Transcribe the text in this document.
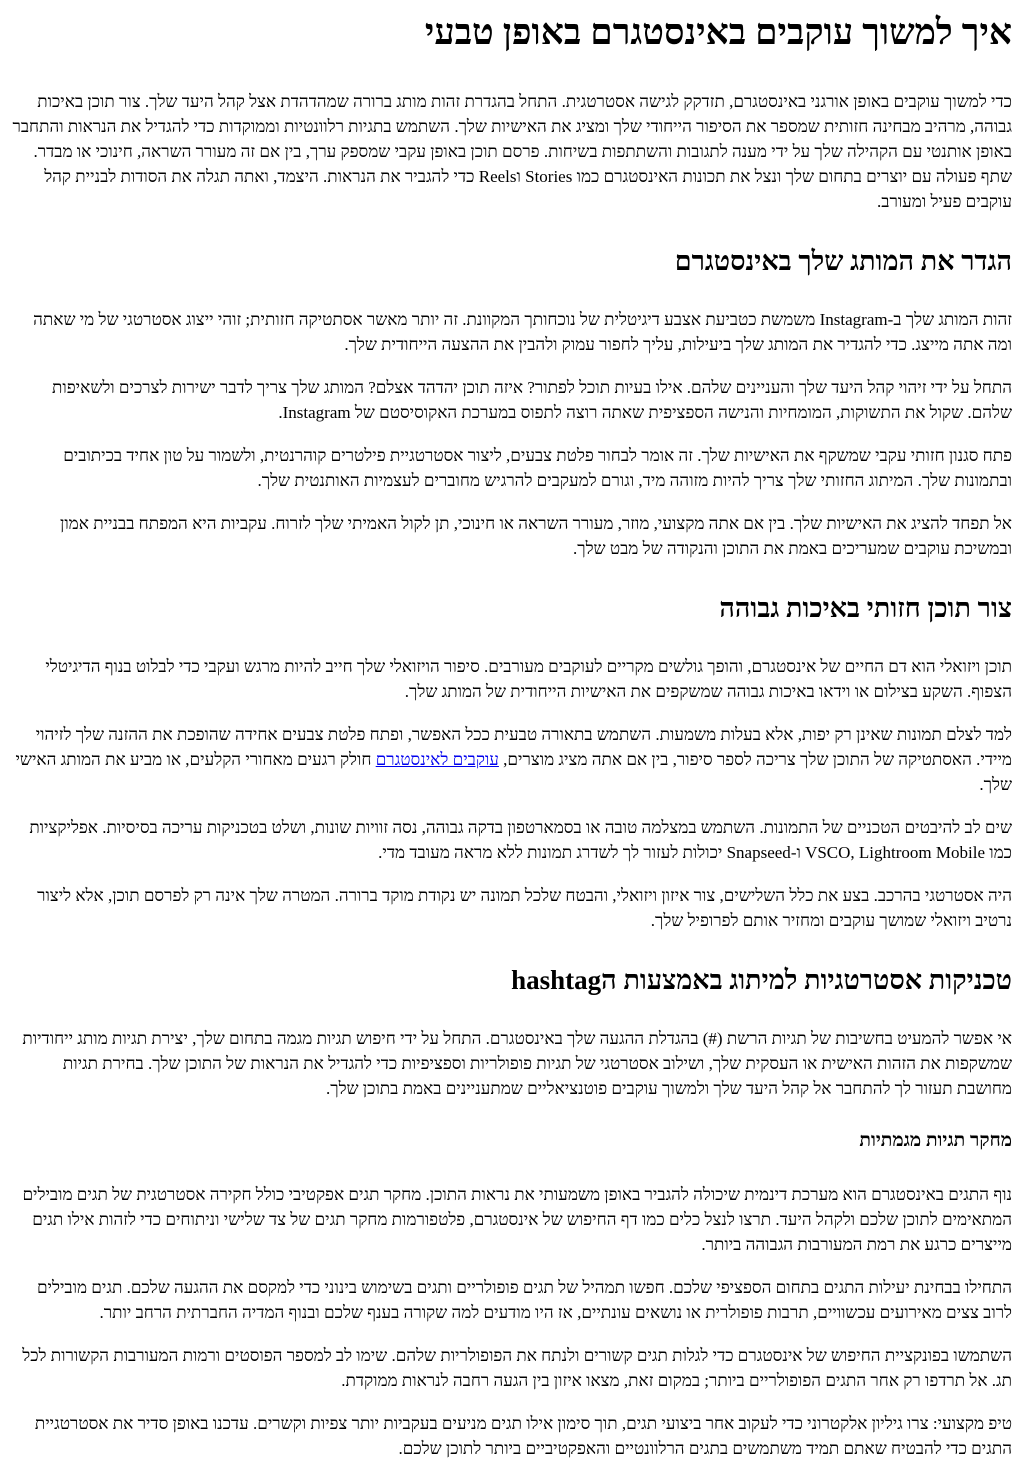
איך למשוך עוקבים באינסטגרם באופן טבעי

כדי למשוך עוקבים באופן אורגני באינסטגרם, תזדקק לגישה אסטרטגית. התחל בהגדרת זהות מותג ברורה שמהדהדת אצל קהל היעד שלך. צור תוכן באיכות גבוהה, מרהיב מבחינה חזותית שמספר את הסיפור הייחודי שלך ומציג את האישיות שלך. השתמש בתגיות רלוונטיות וממוקדות כדי להגדיל את הנראות והתחבר באופן אותנטי עם הקהילה שלך על ידי מענה לתגובות והשתתפות בשיחות. פרסם תוכן באופן עקבי שמספק ערך, בין אם זה מעורר השראה, חינוכי או מבדר. שתף פעולה עם יוצרים בתחום שלך ונצל את תכונות האינסטגרם כמו Stories וReels כדי להגביר את הנראות. היצמד, ואתה תגלה את הסודות לבניית קהל עוקבים פעיל ומעורב.

הגדר את המותג שלך באינסטגרם

זהות המותג שלך ב-Instagram משמשת כטביעת אצבע דיגיטלית של נוכחותך המקוונת. זה יותר מאשר אסתטיקה חזותית; זוהי ייצוג אסטרטגי של מי שאתה ומה אתה מייצג. כדי להגדיר את המותג שלך ביעילות, עליך לחפור עמוק ולהבין את ההצעה הייחודית שלך.

התחל על ידי זיהוי קהל היעד שלך והעניינים שלהם. אילו בעיות תוכל לפתור? איזה תוכן יהדהד אצלם? המותג שלך צריך לדבר ישירות לצרכים ולשאיפות שלהם. שקול את התשוקות, המומחיות והנישה הספציפית שאתה רוצה לתפוס במערכת האקוסיסטם של Instagram.

פתח סגנון חזותי עקבי שמשקף את האישיות שלך. זה אומר לבחור פלטת צבעים, ליצור אסטרטגיית פילטרים קוהרנטית, ולשמור על טון אחיד בכיתובים ובתמונות שלך. המיתוג החזותי שלך צריך להיות מזוהה מיד, וגורם למעקבים להרגיש מחוברים לעצמיות האותנטית שלך.

אל תפחד להציג את האישיות שלך. בין אם אתה מקצועי, מוזר, מעורר השראה או חינוכי, תן לקול האמיתי שלך לזרוח. עקביות היא המפתח בבניית אמון ובמשיכת עוקבים שמעריכים באמת את התוכן והנקודה של מבט שלך.

צור תוכן חזותי באיכות גבוהה

תוכן ויזואלי הוא דם החיים של אינסטגרם, והופך גולשים מקריים לעוקבים מעורבים. סיפור הויזואלי שלך חייב להיות מרגש ועקבי כדי לבלוט בנוף הדיגיטלי הצפוף. השקע בצילום או וידאו באיכות גבוהה שמשקפים את האישיות הייחודית של המותג שלך.

למד לצלם תמונות שאינן רק יפות, אלא בעלות משמעות. השתמש בתאורה טבעית ככל האפשר, ופתח פלטת צבעים אחידה שהופכת את ההזנה שלך לזיהוי מיידי. האסתטיקה של התוכן שלך צריכה לספר סיפור, בין אם אתה מציג מוצרים, עוקבים לאינסטגרם חולק רגעים מאחורי הקלעים, או מביע את המותג האישי שלך.

שים לב להיבטים הטכניים של התמונות. השתמש במצלמה טובה או בסמארטפון בדקה גבוהה, נסה זוויות שונות, ושלט בטכניקות עריכה בסיסיות. אפליקציות כמו VSCO, Lightroom Mobile ו-Snapseed יכולות לעזור לך לשדרג תמונות ללא מראה מעובד מדי.

היה אסטרטגי בהרכב. בצע את כלל השלישים, צור איזון ויזואלי, והבטח שלכל תמונה יש נקודת מוקד ברורה. המטרה שלך אינה רק לפרסם תוכן, אלא ליצור נרטיב ויזואלי שמושך עוקבים ומחזיר אותם לפרופיל שלך.

טכניקות אסטרטגיות למיתוג באמצעות הhashtag

אי אפשר להמעיט בחשיבות של תגיות הרשת (#) בהגדלת ההגעה שלך באינסטגרם. התחל על ידי חיפוש תגיות מגמה בתחום שלך, יצירת תגיות מותג ייחודיות שמשקפות את הזהות האישית או העסקית שלך, ושילוב אסטרטגי של תגיות פופולריות וספציפיות כדי להגדיל את הנראות של התוכן שלך. בחירת תגיות מחושבת תעזור לך להתחבר אל קהל היעד שלך ולמשוך עוקבים פוטנציאליים שמתעניינים באמת בתוכן שלך.

מחקר תגיות מגמתיות

נוף התגים באינסטגרם הוא מערכת דינמית שיכולה להגביר באופן משמעותי את נראות התוכן. מחקר תגים אפקטיבי כולל חקירה אסטרטגית של תגים מובילים המתאימים לתוכן שלכם ולקהל היעד. תרצו לנצל כלים כמו דף החיפוש של אינסטגרם, פלטפורמות מחקר תגים של צד שלישי וניתוחים כדי לזהות אילו תגים מייצרים כרגע את רמת המעורבות הגבוהה ביותר.

התחילו בבחינת יעילות התגים בתחום הספציפי שלכם. חפשו תמהיל של תגים פופולריים ותגים בשימוש בינוני כדי למקסם את ההגעה שלכם. תגים מובילים לרוב צצים מאירועים עכשוויים, תרבות פופולרית או נושאים עונתיים, אז היו מודעים למה שקורה בענף שלכם ובנוף המדיה החברתית הרחב יותר.

השתמשו בפונקציית החיפוש של אינסטגרם כדי לגלות תגים קשורים ולנתח את הפופולריות שלהם. שימו לב למספר הפוסטים ורמות המעורבות הקשורות לכל תג. אל תרדפו רק אחר התגים הפופולריים ביותר; במקום זאת, מצאו איזון בין הגעה רחבה לנראות ממוקדת.

טיפ מקצועי: צרו גיליון אלקטרוני כדי לעקוב אחר ביצועי תגים, תוך סימון אילו תגים מניעים בעקביות יותר צפיות וקשרים. עדכנו באופן סדיר את אסטרטגיית התגים כדי להבטיח שאתם תמיד משתמשים בתגים הרלוונטיים והאפקטיביים ביותר לתוכן שלכם.
